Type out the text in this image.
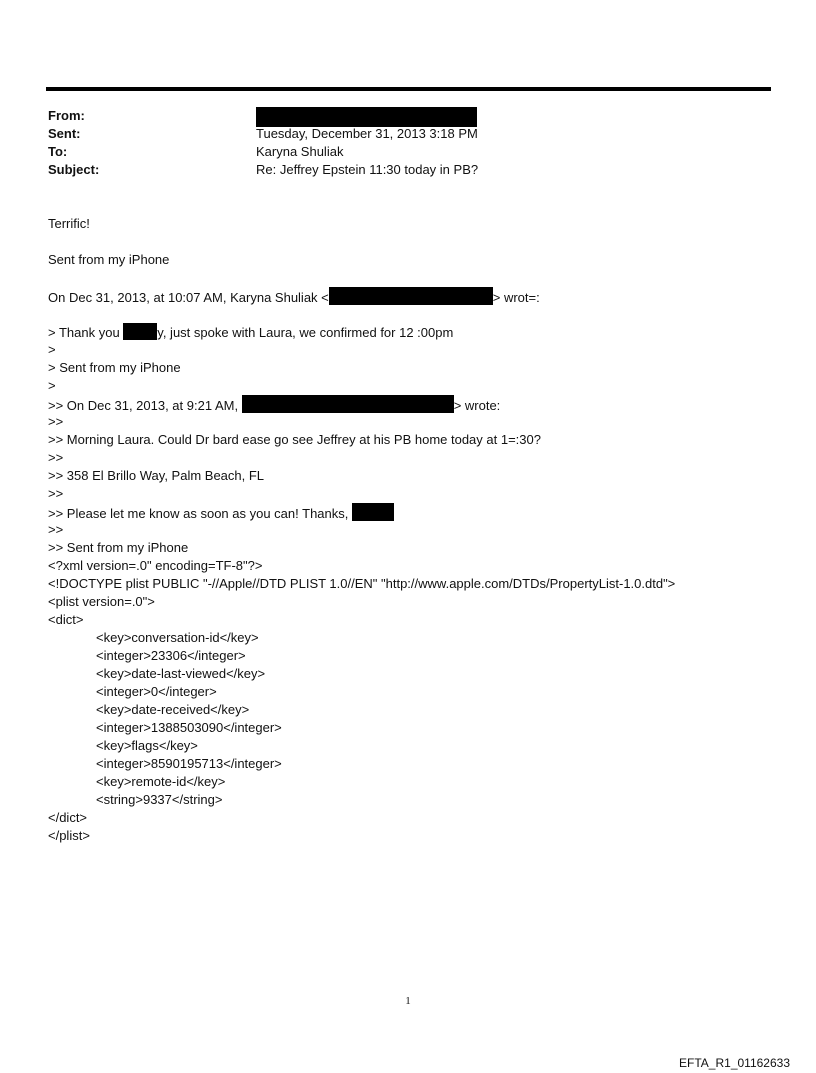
From:
Sent:	Tuesday, December 31, 2013 3:18 PM
To:	Karyna Shuliak
Subject:	Re: Jeffrey Epstein 11:30 today in PB?
Terrific!
Sent from my iPhone
On Dec 31, 2013, at 10:07 AM, Karyna Shuliak <	> wrot=:
> Thank you	y, just spoke with Laura, we confirmed for 12 :00pm
>
> Sent from my iPhone
>
>> On Dec 31, 2013, at 9:21 AM,	> wrote:
>>
>> Morning Laura. Could Dr bard ease go see Jeffrey at his PB home today at 1=:30?
>>
>> 358 El Brillo Way, Palm Beach, FL
>>
>> Please let me know as soon as you can! Thanks,
>>
>> Sent from my iPhone
<?xml version=.0" encoding=TF-8"?>
<!DOCTYPE plist PUBLIC "-//Apple//DTD PLIST 1.0//EN" "http://www.apple.com/DTDs/PropertyList-1.0.dtd">
<plist version=.0">
<dict>
<key>conversation-id</key>
<integer>23306</integer>
<key>date-last-viewed</key>
<integer>0</integer>
<key>date-received</key>
<integer>1388503090</integer>
<key>flags</key>
<integer>8590195713</integer>
<key>remote-id</key>
<string>9337</string>
</dict>
</plist>
1
EFTA_R1_01162633
